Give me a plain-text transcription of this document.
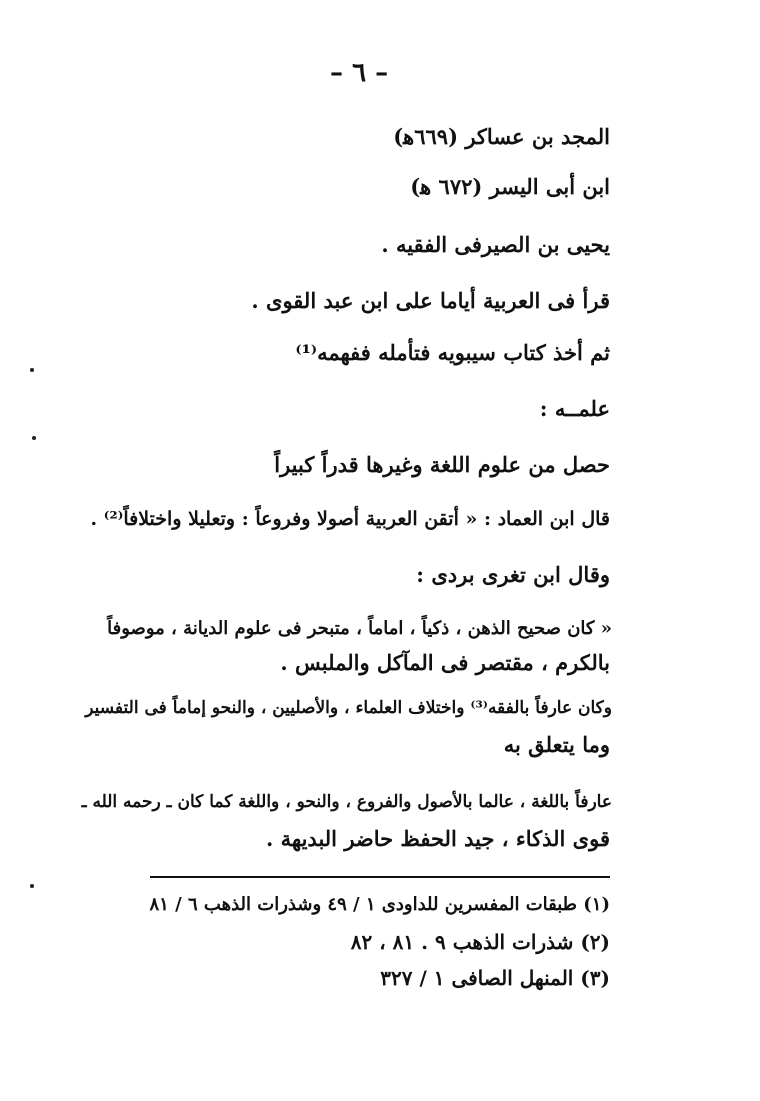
– ٦ –
المجد بن عساكر (٦٦٩ﻫ)
ابن أبى اليسر (٦٧٢ ﻫ)
يحيى بن الصيرفى الفقيه .
قرأ فى العربية أياما على ابن عبد القوى .
ثم أخذ كتاب سيبويه فتأمله ففهمه⁽¹⁾
علمــه :
حصل من علوم اللغة وغيرها قدراً كبيراً
قال ابن العماد : « أتقن العربية أصولا وفروعاً : وتعليلا واختلافاً⁽²⁾ .
وقال ابن تغرى بردى :
« كان صحيح الذهن ، ذكياً ، اماماً ، متبحر فى علوم الديانة ، موصوفاً
بالكرم ، مقتصر فى المآكل والملبس .
وكان عارفاً بالفقه⁽³⁾ واختلاف العلماء ، والأصليين ، والنحو إماماً فى التفسير
وما يتعلق به
عارفاً باللغة ، عالما بالأصول والفروع ، والنحو ، واللغة كما كان ـ رحمه الله ـ
قوى الذكاء ، جيد الحفظ حاضر البديهة .
(١) طبقات المفسرين للداودى ١ / ٤٩ وشذرات الذهب ٦ / ٨١
(٢) شذرات الذهب ٩ . ٨١ ، ٨٢
(٣) المنهل الصافى ١ / ٣٢٧
